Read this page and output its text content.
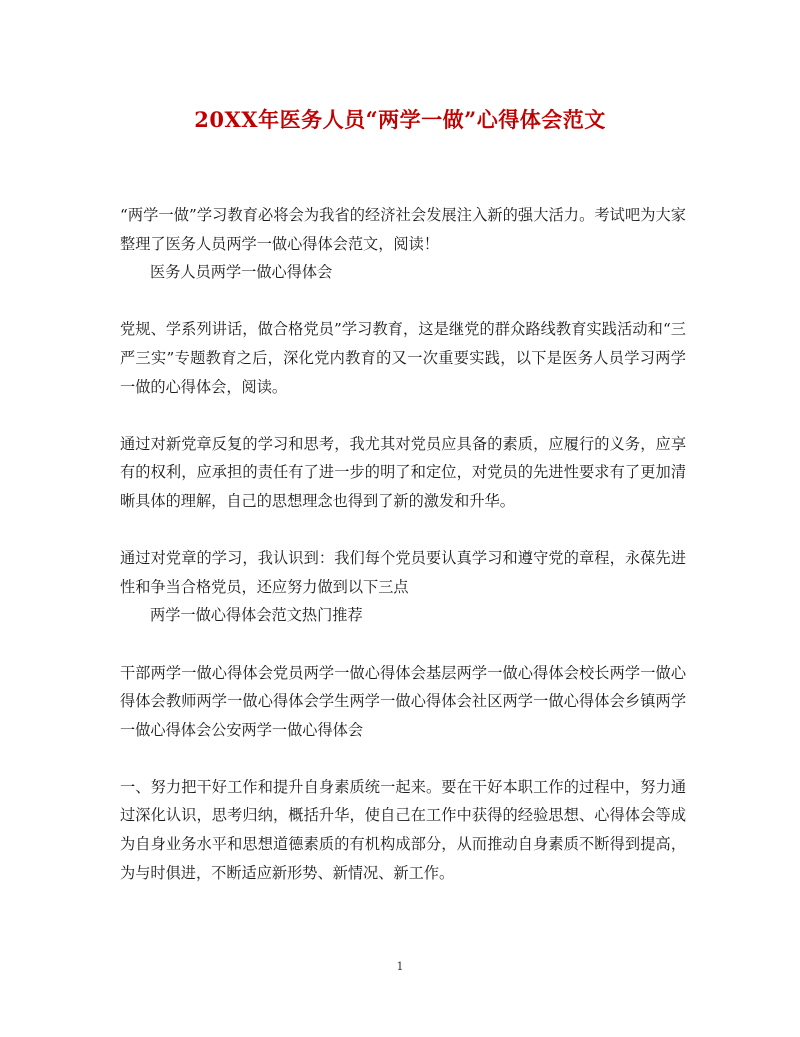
20XX年医务人员“两学一做”心得体会范文

“两学一做”学习教育必将会为我省的经济社会发展注入新的强大活力。考试吧为大家整理了医务人员两学一做心得体会范文，阅读！

医务人员两学一做心得体会

党规、学系列讲话，做合格党员”学习教育，这是继党的群众路线教育实践活动和“三严三实”专题教育之后，深化党内教育的又一次重要实践，以下是医务人员学习两学一做的心得体会，阅读。

通过对新党章反复的学习和思考，我尤其对党员应具备的素质，应履行的义务，应享有的权利，应承担的责任有了进一步的明了和定位，对党员的先进性要求有了更加清晰具体的理解，自己的思想理念也得到了新的激发和升华。

通过对党章的学习，我认识到：我们每个党员要认真学习和遵守党的章程，永葆先进性和争当合格党员，还应努力做到以下三点

两学一做心得体会范文热门推荐

干部两学一做心得体会党员两学一做心得体会基层两学一做心得体会校长两学一做心得体会教师两学一做心得体会学生两学一做心得体会社区两学一做心得体会乡镇两学一做心得体会公安两学一做心得体会

一、努力把干好工作和提升自身素质统一起来。要在干好本职工作的过程中，努力通过深化认识，思考归纳，概括升华，使自己在工作中获得的经验思想、心得体会等成为自身业务水平和思想道德素质的有机构成部分，从而推动自身素质不断得到提高，为与时俱进，不断适应新形势、新情况、新工作。

1
